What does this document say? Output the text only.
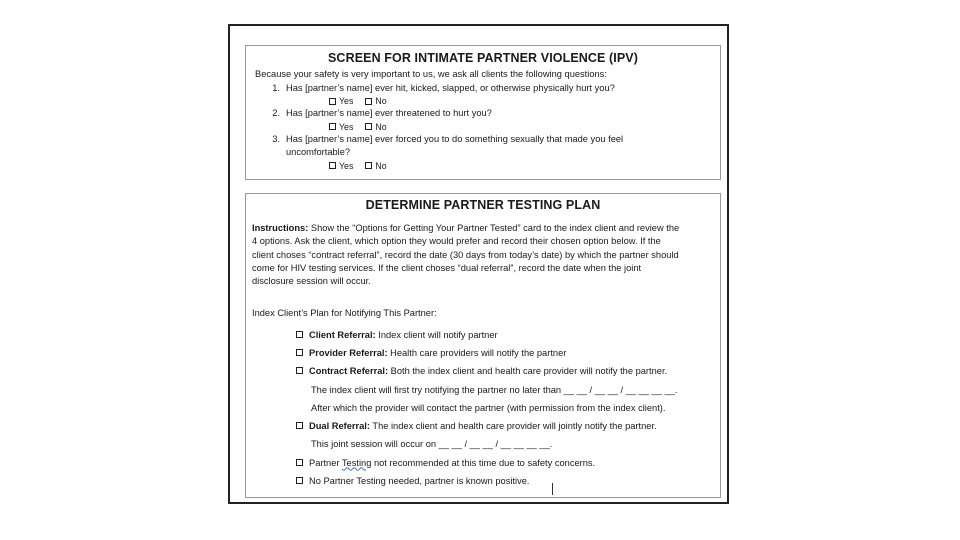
SCREEN FOR INTIMATE PARTNER VIOLENCE (IPV)
Because your safety is very important to us, we ask all clients the following questions:
1. Has [partner’s name] ever hit, kicked, slapped, or otherwise physically hurt you?
Yes	No
2. Has [partner’s name] ever threatened to hurt you?
Yes	No
3. Has [partner’s name] ever forced you to do something sexually that made you feel
uncomfortable?
Yes	No
DETERMINE PARTNER TESTING PLAN
Instructions: Show the “Options for Getting Your Partner Tested” card to the index client and review the
4 options. Ask the client, which option they would prefer and record their chosen option below. If the
client choses “contract referral”, record the date (30 days from today’s date) by which the partner should
come for HIV testing services. If the client choses “dual referral”, record the date when the joint
disclosure session will occur.
Index Client’s Plan for Notifying This Partner:
Client Referral: Index client will notify partner
Provider Referral: Health care providers will notify the partner
Contract Referral: Both the index client and health care provider will notify the partner.
The index client will first try notifying the partner no later than __ __ / __ __ / __ __ __ __.
After which the provider will contact the partner (with permission from the index client).
Dual Referral: The index client and health care provider will jointly notify the partner.
This joint session will occur on __ __ / __ __ / __ __ __ __.
Partner Testing not recommended at this time due to safety concerns.
No Partner Testing needed, partner is known positive.
